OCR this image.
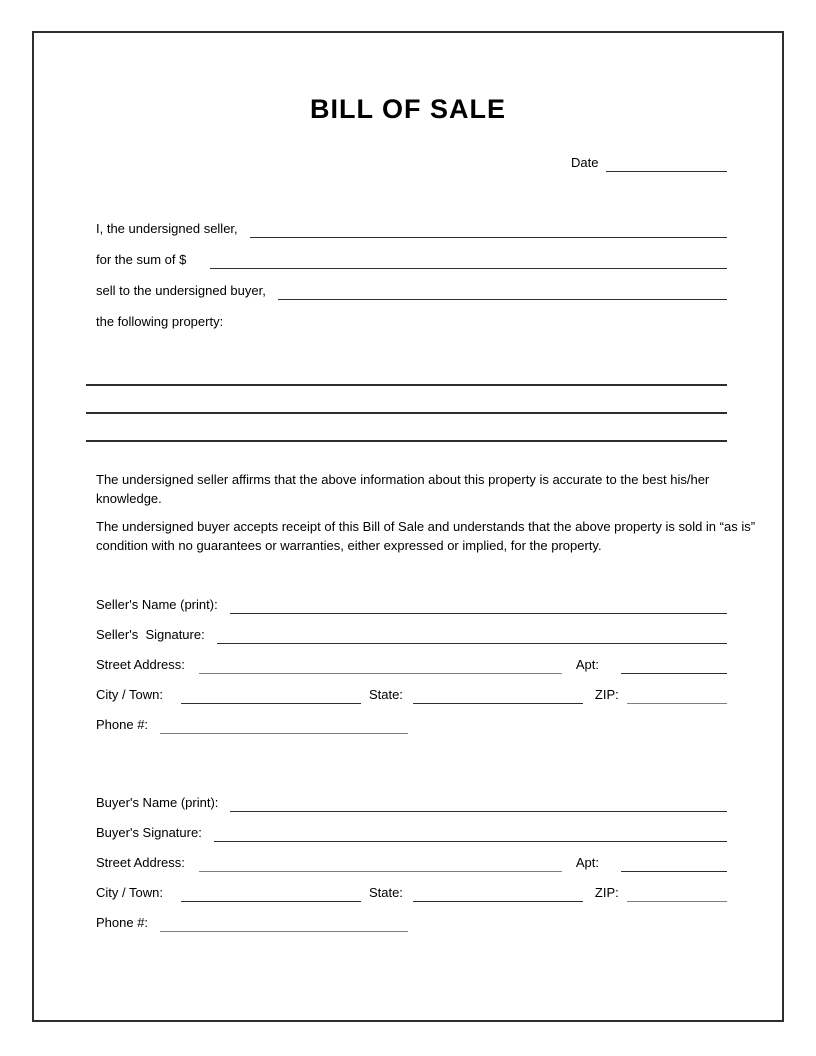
BILL OF SALE
Date
I, the undersigned seller,
for the sum of $
sell to the undersigned buyer,
the following property:

The undersigned seller affirms that the above information about this property is accurate to the best his/her knowledge.

The undersigned buyer accepts receipt of this Bill of Sale and understands that the above property is sold in “as is” condition with no guarantees or warranties, either expressed or implied, for the property.

Seller's Name (print):
Seller's  Signature:
Street Address:	Apt:
City / Town:	State:	ZIP:
Phone #:
Buyer's Name (print):
Buyer's Signature:
Street Address:	Apt:
City / Town:	State:	ZIP:
Phone #:
